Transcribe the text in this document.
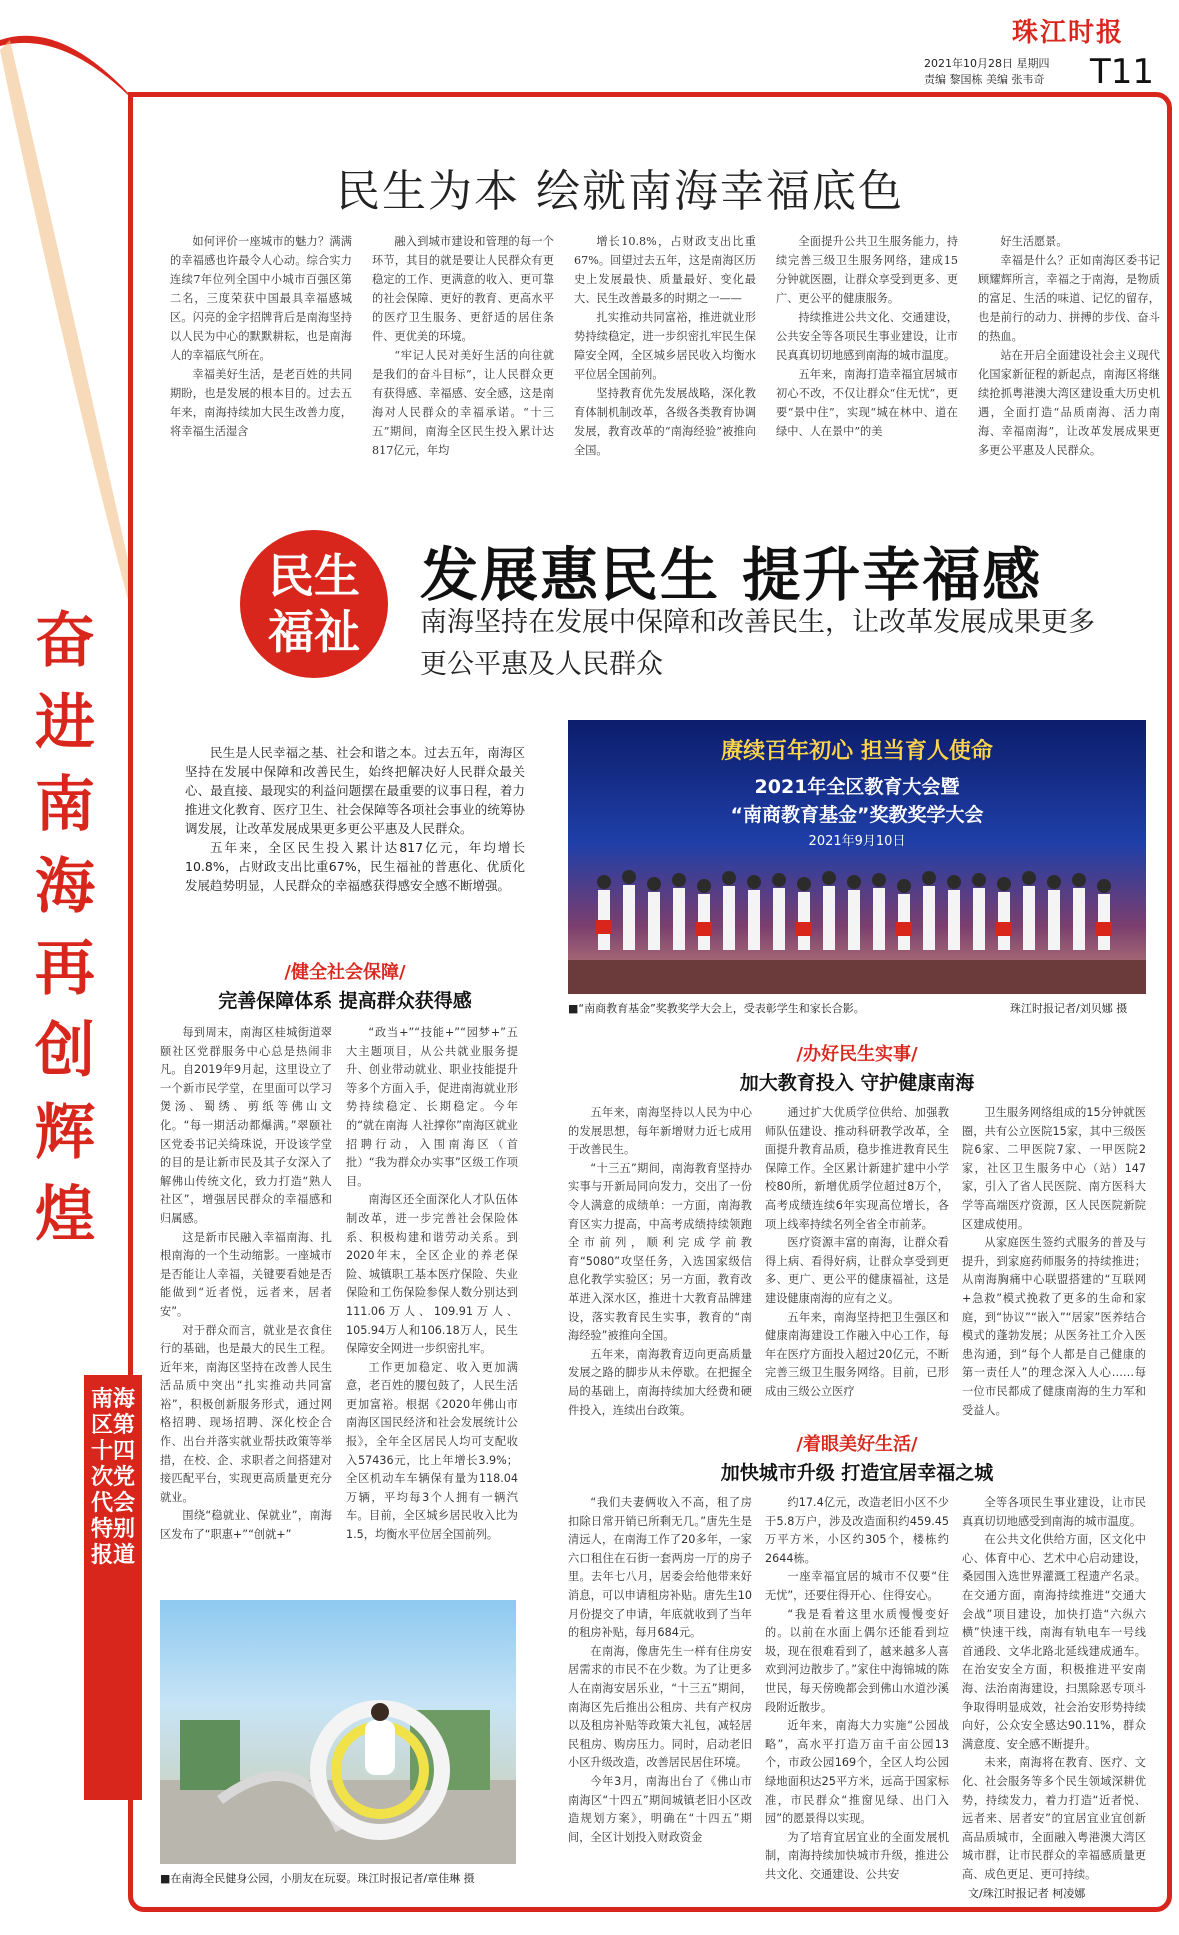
珠江时报
2021年10月28日 星期四
责编 黎国栋 美编 张韦奇 T11
奋进南海 再创辉煌
南海区第十四次党代会特别报道
民生为本 绘就南海幸福底色

如何评价一座城市的魅力？满满的幸福感也许最令人心动。综合实力连续7年位列全国中小城市百强区第二名，三度荣获中国最具幸福感城区。闪亮的金字招牌背后是南海坚持以人民为中心的默默耕耘，也是南海人的幸福底气所在。

幸福美好生活，是老百姓的共同期盼，也是发展的根本目的。过去五年来，南海持续加大民生改善力度，将幸福生活湿含

融入到城市建设和管理的每一个环节，其目的就是要让人民群众有更稳定的工作、更满意的收入、更可靠的社会保障、更好的教育、更高水平的医疗卫生服务、更舒适的居住条件、更优美的环境。

“牢记人民对美好生活的向往就是我们的奋斗目标”，让人民群众更有获得感、幸福感、安全感，这是南海对人民群众的幸福承诺。“十三五”期间，南海全区民生投入累计达817亿元，年均

增长10.8%，占财政支出比重67%。回望过去五年，这是南海区历史上发展最快、质量最好、变化最大、民生改善最多的时期之一——

扎实推动共同富裕，推进就业形势持续稳定，进一步织密扎牢民生保障安全网，全区城乡居民收入均衡水平位居全国前列。

坚持教育优先发展战略，深化教育体制机制改革，各级各类教育协调发展，教育改革的“南海经验”被推向全国。

全面提升公共卫生服务能力，持续完善三级卫生服务网络，建成15分钟就医圈，让群众享受到更多、更广、更公平的健康服务。

持续推进公共文化、交通建设，公共安全等各项民生事业建设，让市民真真切切地感到南海的城市温度。

五年来，南海打造幸福宜居城市初心不改，不仅让群众“住无忧”，更要“景中住”，实现“城在林中、道在绿中、人在景中”的美

好生活愿景。

幸福是什么？正如南海区委书记顾耀辉所言，幸福之于南海，是物质的富足、生活的味道、记忆的留存，也是前行的动力、拼搏的步伐、奋斗的热血。

站在开启全面建设社会主义现代化国家新征程的新起点，南海区将继续抢抓粤港澳大湾区建设重大历史机遇，全面打造“品质南海、活力南海、幸福南海”，让改革发展成果更多更公平惠及人民群众。

民生
福祉
发展惠民生 提升幸福感
南海坚持在发展中保障和改善民生，让改革发展成果更多更公平惠及人民群众

民生是人民幸福之基、社会和谐之本。过去五年，南海区坚持在发展中保障和改善民生，始终把解决好人民群众最关心、最直接、最现实的利益问题摆在最重要的议事日程，着力推进文化教育、医疗卫生、社会保障等各项社会事业的统筹协调发展，让改革发展成果更多更公平惠及人民群众。

五年来，全区民生投入累计达817亿元，年均增长10.8%，占财政支出比重67%，民生福祉的普惠化、优质化发展趋势明显，人民群众的幸福感获得感安全感不断增强。

赓续百年初心 担当育人使命
2021年全区教育大会暨
“南商教育基金”奖教奖学大会
2021年9月10日
■“南商教育基金”奖教奖学大会上，受表彰学生和家长合影。	珠江时报记者/刘贝娜 摄
/健全社会保障/
完善保障体系 提高群众获得感

每到周末，南海区桂城街道翠颐社区党群服务中心总是热闹非凡。自2019年9月起，这里设立了一个新市民学堂，在里面可以学习煲汤、蜀绣、剪纸等佛山文化。“每一期活动都爆满。”翠颐社区党委书记关绮珠说，开设该学堂的目的是让新市民及其子女深入了解佛山传统文化，致力打造“熟人社区”，增强居民群众的幸福感和归属感。

这是新市民融入幸福南海、扎根南海的一个生动缩影。一座城市是否能让人幸福，关键要看她是否能做到“近者悦，远者来，居者安”。

对于群众而言，就业是衣食住行的基础，也是最大的民生工程。近年来，南海区坚持在改善人民生活品质中突出“扎实推动共同富裕”，积极创新服务形式，通过网格招聘、现场招聘、深化校企合作、出台并落实就业帮扶政策等举措，在校、企、求职者之间搭建对接匹配平台，实现更高质量更充分就业。

围绕“稳就业、保就业”，南海区发布了“职惠+”“创就+”

“政当+”“技能+”“园梦+”五大主题项目，从公共就业服务提升、创业带动就业、职业技能提升等多个方面入手，促进南海就业形势持续稳定、长期稳定。今年的“就在南海 人社撑你”南海区就业招聘行动，入围南海区（首批）“我为群众办实事”区级工作项目。

南海区还全面深化人才队伍体制改革，进一步完善社会保险体系、积极构建和谐劳动关系。到2020年末，全区企业的养老保险、城镇职工基本医疗保险、失业保险和工伤保险参保人数分别达到111.06万人、109.91万人、105.94万人和106.18万人，民生保障安全网进一步织密扎牢。

工作更加稳定、收入更加满意，老百姓的腰包鼓了，人民生活更加富裕。根据《2020年佛山市南海区国民经济和社会发展统计公报》，全年全区居民人均可支配收入57436元，比上年增长3.9%；全区机动车车辆保有量为118.04万辆，平均每3个人拥有一辆汽车。目前，全区城乡居民收入比为1.5，均衡水平位居全国前列。

/办好民生实事/
加大教育投入 守护健康南海

五年来，南海坚持以人民为中心的发展思想，每年新增财力近七成用于改善民生。

“十三五”期间，南海教育坚持办实事与开新局同向发力，交出了一份令人满意的成绩单：一方面，南海教育区实力提高，中高考成绩持续领跑全市前列，顺利完成学前教育“5080”攻坚任务，入选国家级信息化教学实验区；另一方面，教育改革进入深水区，推进十大教育品牌建设，落实教育民生实事，教育的“南海经验”被推向全国。

五年来，南海教育迈向更高质量发展之路的脚步从未停歇。在把握全局的基础上，南海持续加大经费和硬件投入，连续出台政策。

通过扩大优质学位供给、加强教师队伍建设、推动科研教学改革，全面提升教育品质，稳步推进教育民生保障工作。全区累计新建扩建中小学校80所，新增优质学位超过8万个，高考成绩连续6年实现高位增长，各项上线率持续名列全省全市前茅。

医疗资源丰富的南海，让群众看得上病、看得好病，让群众享受到更多、更广、更公平的健康福祉，这是建设健康南海的应有之义。

五年来，南海坚持把卫生强区和健康南海建设工作融入中心工作，每年在医疗方面投入超过20亿元，不断完善三级卫生服务网络。目前，已形成由三级公立医疗

卫生服务网络组成的15分钟就医圈，共有公立医院15家，其中三级医院6家、二甲医院7家、一甲医院2家，社区卫生服务中心（站）147家，引入了省人民医院、南方医科大学等高端医疗资源，区人民医院新院区建成使用。

从家庭医生签约式服务的普及与提升，到家庭药师服务的持续推进；从南海胸痛中心联盟搭建的“互联网+急救”模式挽救了更多的生命和家庭，到“协议”“嵌入”“居家”医养结合模式的蓬勃发展；从医务社工介入医患沟通，到“每个人都是自己健康的第一责任人”的理念深入人心……每一位市民都成了健康南海的生力军和受益人。

/着眼美好生活/
加快城市升级 打造宜居幸福之城

“我们夫妻俩收入不高，租了房扣除日常开销已所剩无几。”唐先生是清远人，在南海工作了20多年，一家六口租住在石街一套两房一厅的房子里。去年七八月，居委会给他带来好消息，可以申请租房补贴。唐先生10月份提交了申请，年底就收到了当年的租房补贴，每月684元。

在南海，像唐先生一样有住房安居需求的市民不在少数。为了让更多人在南海安居乐业，“十三五”期间，南海区先后推出公租房、共有产权房以及租房补贴等政策大礼包，减轻居民租房、购房压力。同时，启动老旧小区升级改造，改善居民居住环境。

今年3月，南海出台了《佛山市南海区“十四五”期间城镇老旧小区改造规划方案》，明确在“十四五”期间，全区计划投入财政资金

约17.4亿元，改造老旧小区不少于5.8万户，涉及改造面积约459.45万平方米，小区约305个，楼栋约2644栋。

一座幸福宜居的城市不仅要“住无忧”，还要住得开心、住得安心。

“我是看着这里水质慢慢变好的。以前在水面上偶尔还能看到垃圾，现在很难看到了，越来越多人喜欢到河边散步了。”家住中海锦城的陈世民，每天傍晚都会到佛山水道沙溪段附近散步。

近年来，南海大力实施“公园战略”，高水平打造万亩千亩公园13个，市政公园169个，全区人均公园绿地面积达25平方米，远高于国家标准，市民群众“推窗见绿、出门入园”的愿景得以实现。

为了培育宜居宜业的全面发展机制，南海持续加快城市升级，推进公共文化、交通建设、公共安

全等各项民生事业建设，让市民真真切切地感受到南海的城市温度。

在公共文化供给方面，区文化中心、体育中心、艺术中心启动建设，桑园围入选世界灌溉工程遗产名录。在交通方面，南海持续推进“交通大会战”项目建设，加快打造“六纵六横”快速干线，南海有轨电车一号线首通段、文华北路北延线建成通车。在治安安全方面，积极推进平安南海、法治南海建设，扫黑除恶专项斗争取得明显成效，社会治安形势持续向好，公众安全感达90.11%，群众满意度、安全感不断提升。

未来，南海将在教育、医疗、文化、社会服务等多个民生领域深耕优势，持续发力，着力打造“近者悦、远者来、居者安”的宜居宜业宜创新高品质城市，全面融入粤港澳大湾区城市群，让市民群众的幸福感质量更高、成色更足、更可持续。

■在南海全民健身公园，小朋友在玩耍。珠江时报记者/章佳琳 摄
文/珠江时报记者 柯凌娜
